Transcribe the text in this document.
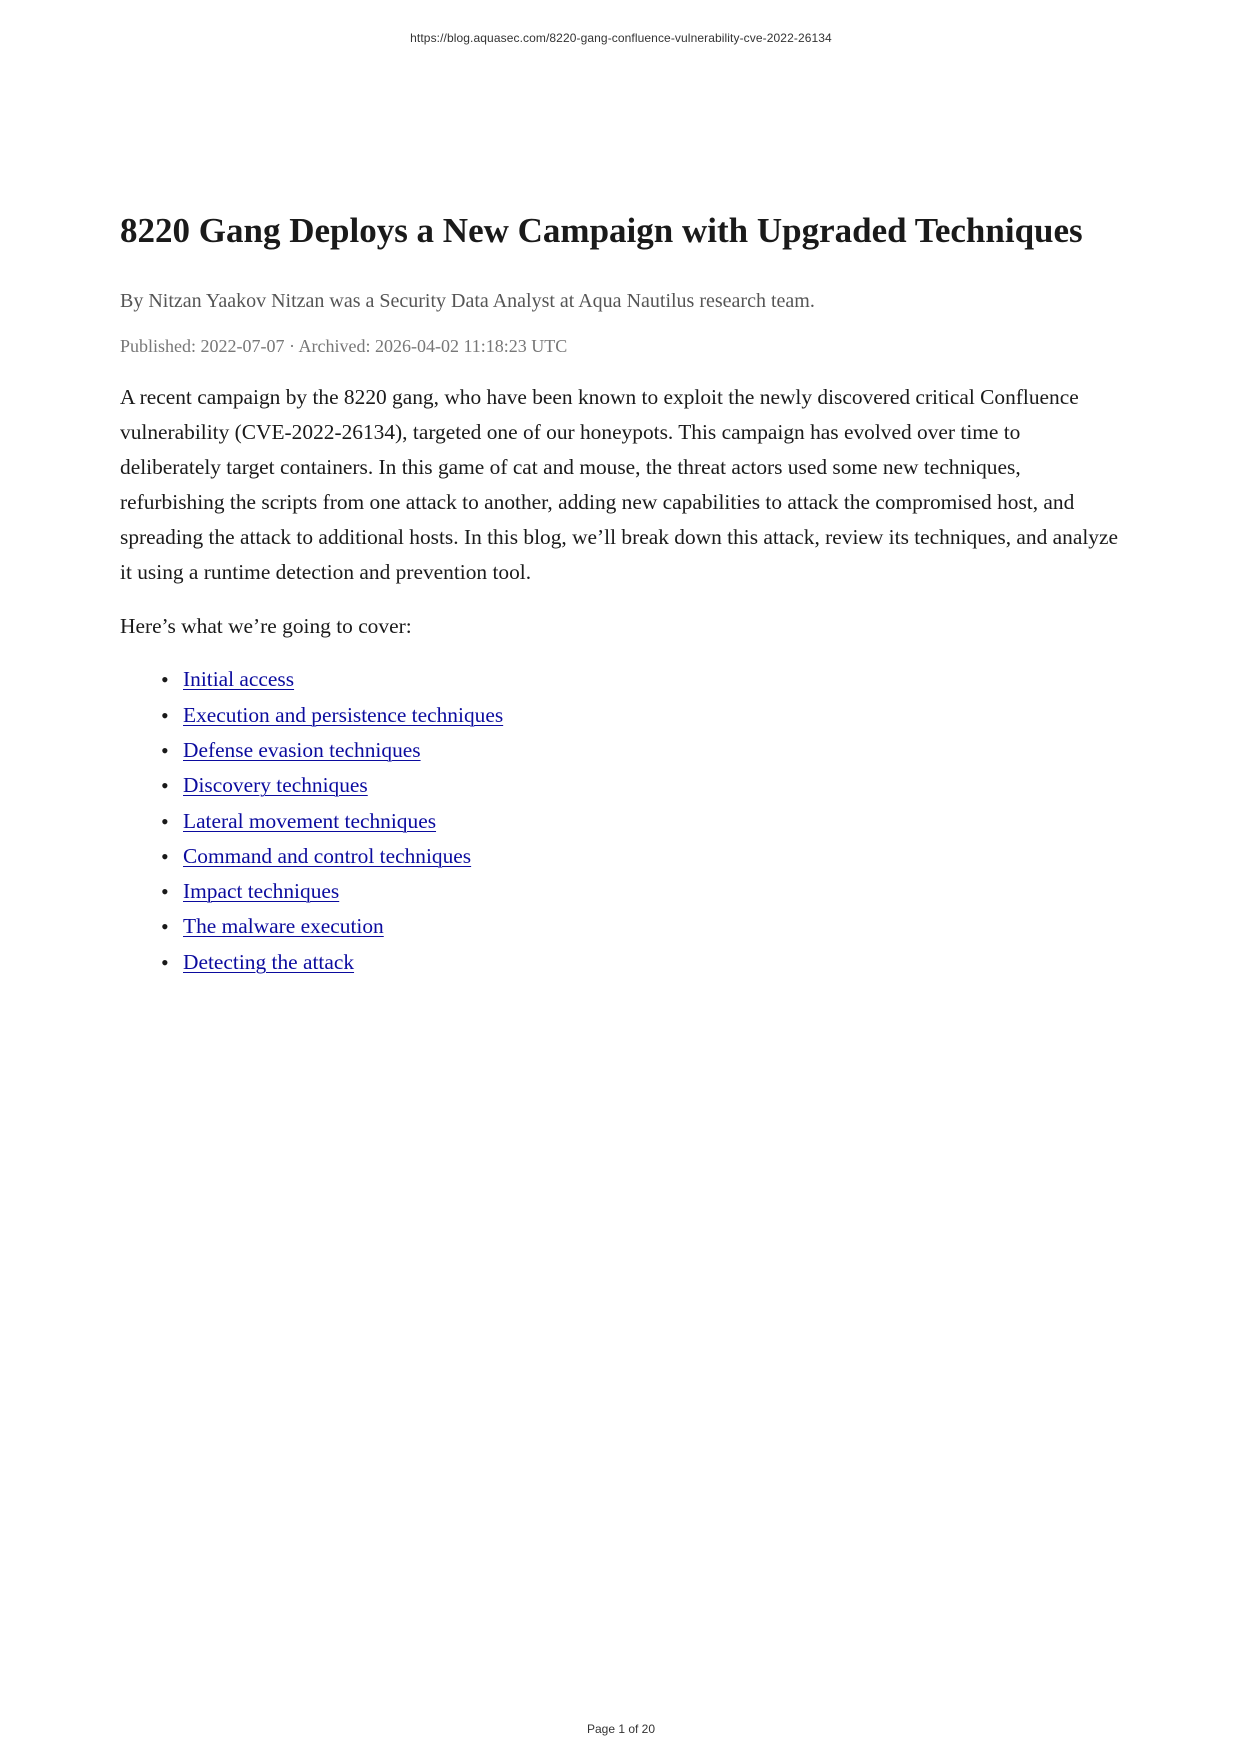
https://blog.aquasec.com/8220-gang-confluence-vulnerability-cve-2022-26134
8220 Gang Deploys a New Campaign with Upgraded Techniques

By Nitzan Yaakov Nitzan was a Security Data Analyst at Aqua Nautilus research team.

Published: 2022-07-07 · Archived: 2026-04-02 11:18:23 UTC

A recent campaign by the 8220 gang, who have been known to exploit the newly discovered critical Confluence vulnerability (CVE-2022-26134), targeted one of our honeypots. This campaign has evolved over time to deliberately target containers. In this game of cat and mouse, the threat actors used some new techniques, refurbishing the scripts from one attack to another, adding new capabilities to attack the compromised host, and spreading the attack to additional hosts. In this blog, we’ll break down this attack, review its techniques, and analyze it using a runtime detection and prevention tool.

Here’s what we’re going to cover:

• Initial access
• Execution and persistence techniques
• Defense evasion techniques
• Discovery techniques
• Lateral movement techniques
• Command and control techniques
• Impact techniques
• The malware execution
• Detecting the attack
Page 1 of 20
